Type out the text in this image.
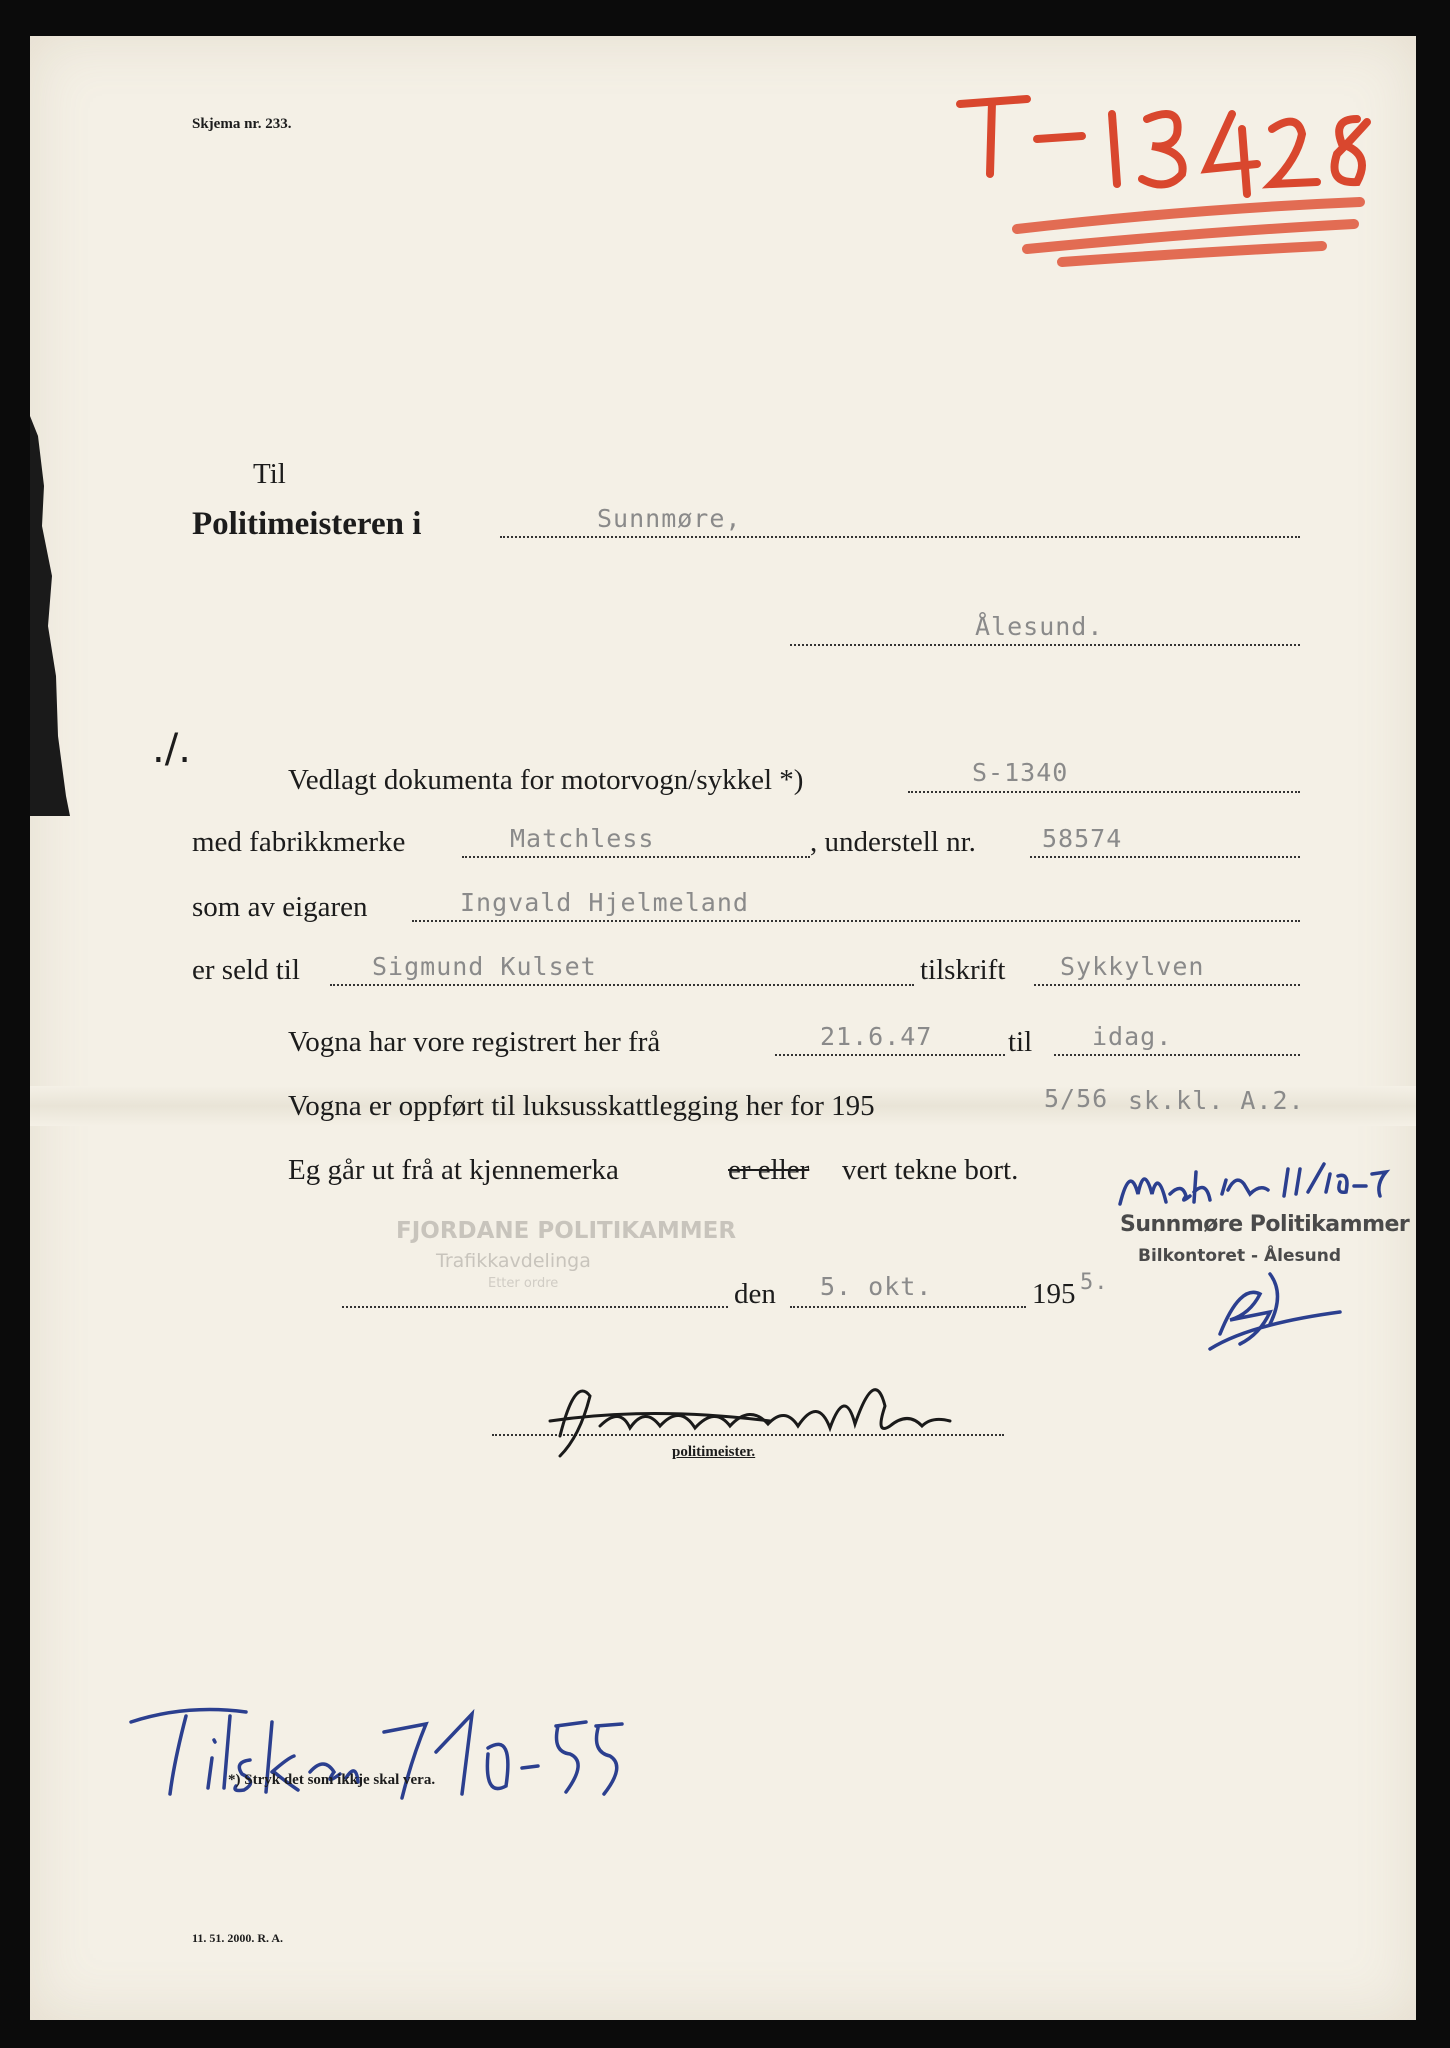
Skjema nr. 233.
Til
Politimeisteren i	Sunnmøre,
Ålesund.
./.
Vedlagt dokumenta for motorvogn/sykkel *)	S-1340
med fabrikkmerke	Matchless	, understell nr.	58574
som av eigaren	Ingvald Hjelmeland
er seld til	Sigmund Kulset	tilskrift Sykkylven
Vogna har vore registrert her frå	21.6.47	til idag.
Vogna er oppført til luksusskattlegging her for 195	5/56 sk.kl. A.2.
Eg går ut frå at kjennemerka	er eller vert tekne bort.
FJORDANE POLITIKAMMER
Trafikkavdelinga
Etter ordre
Sunnmøre Politikammer
Bilkontoret - Ålesund
den 5. okt.	195 5.
politimeister.
*) Stryk det som ikkje skal vera.
11. 51. 2000. R. A.
